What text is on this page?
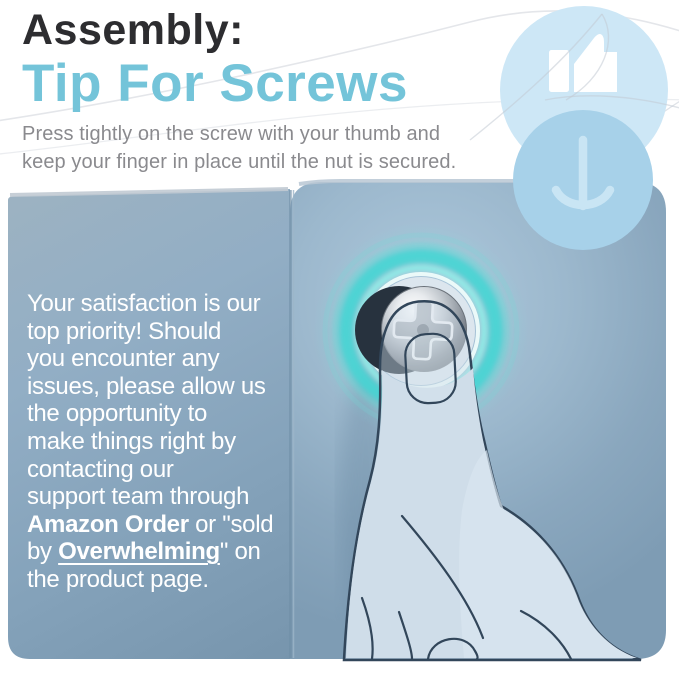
Assembly:
Tip For Screws
Press tightly on the screw with your thumb and
keep your finger in place until the nut is secured.
Your satisfaction is our
top priority! Should
you encounter any
issues, please allow us
the opportunity to
make things right by
contacting our
support team through
Amazon Order or "sold
by Overwhelming" on
the product page.
